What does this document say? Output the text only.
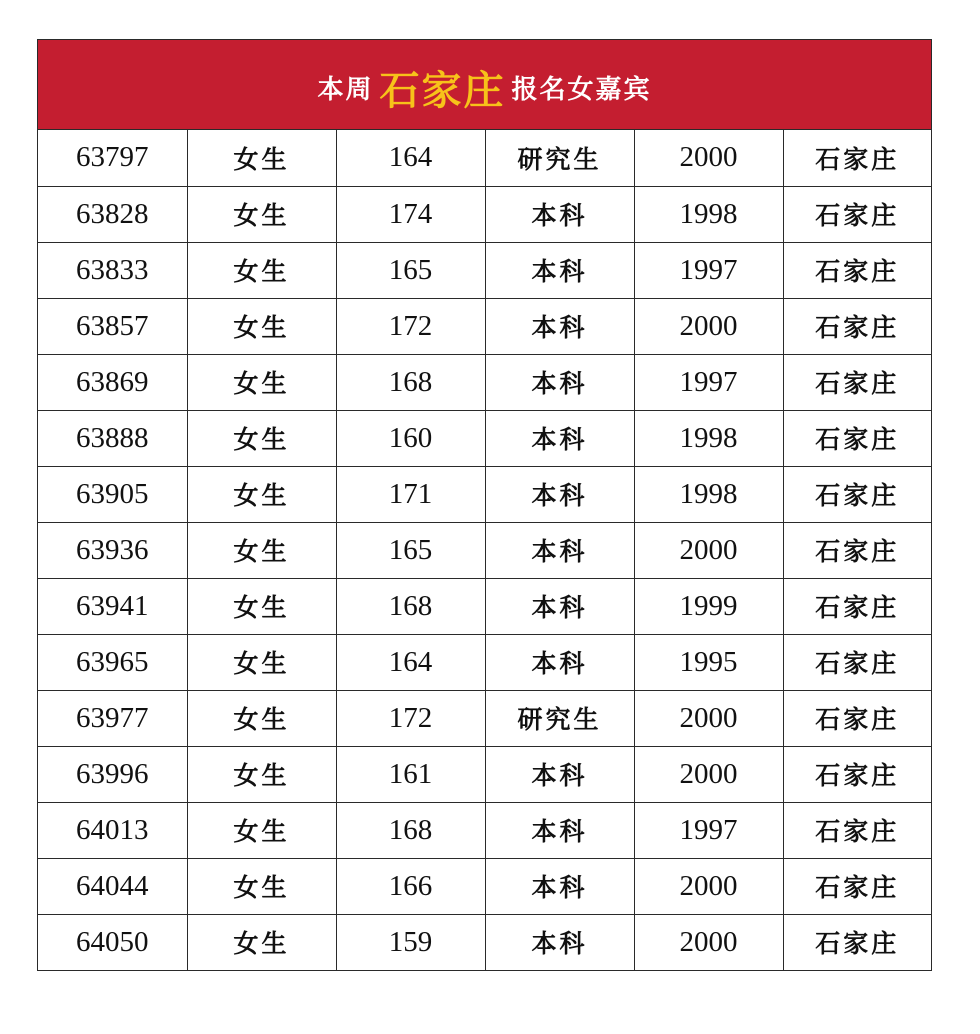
本周 石家庄 报名女嘉宾
63797	女生	164	研究生	2000	石家庄
63828	女生	174	本科	1998	石家庄
63833	女生	165	本科	1997	石家庄
63857	女生	172	本科	2000	石家庄
63869	女生	168	本科	1997	石家庄
63888	女生	160	本科	1998	石家庄
63905	女生	171	本科	1998	石家庄
63936	女生	165	本科	2000	石家庄
63941	女生	168	本科	1999	石家庄
63965	女生	164	本科	1995	石家庄
63977	女生	172	研究生	2000	石家庄
63996	女生	161	本科	2000	石家庄
64013	女生	168	本科	1997	石家庄
64044	女生	166	本科	2000	石家庄
64050	女生	159	本科	2000	石家庄
